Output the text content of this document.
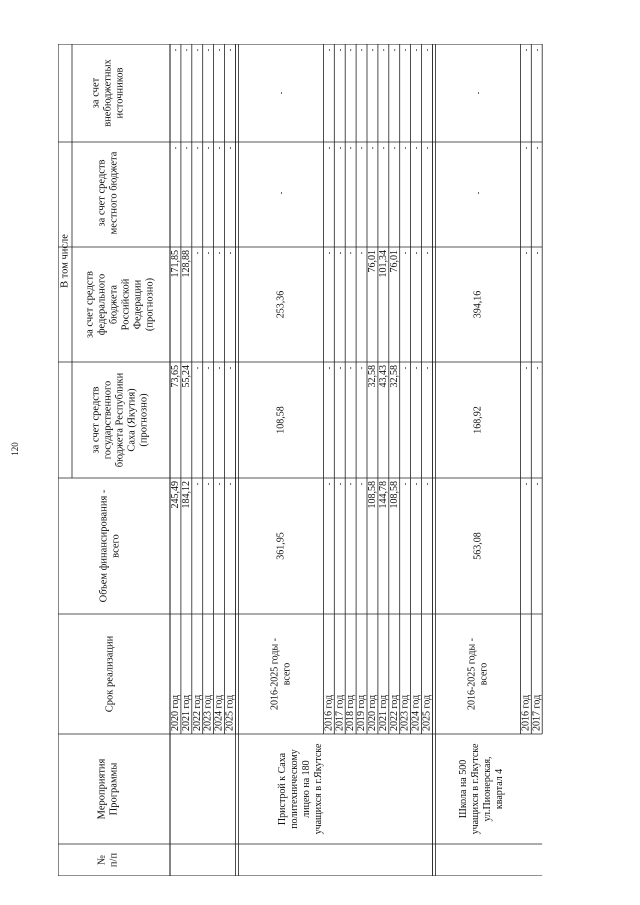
120
В том числе
за счет внебюджетных источников
за счет средств местного бюджета
за счет средств федерального бюджета Российской Федерации (прогнозно)
за счет средств государственного бюджета Республики Саха (Якутия) (прогнозно)
Объем финансирования - всего
Срок реализации
Мероприятия Программы
№ п/п
2020 год
-
-
171,85
73,65
245,49
2021 год
-
-
128,88
55,24
184,12
2022 год
-
-
-
-
-
2023 год
-
-
-
-
-
2024 год
-
-
-
-
-
2025 год
-
-
-
-
-
2016-2025 годы - всего
-
-
253,36
108,58
361,95
2016 год
-
-
-
-
-
2017 год
-
-
-
-
-
2018 год
-
-
-
-
-
2019 год
-
-
-
-
-
2020 год
-
-
76,01
32,58
108,58
2021 год
-
-
101,34
43,43
144,78
2022 год
-
-
76,01
32,58
108,58
2023 год
-
-
-
-
-
2024 год
-
-
-
-
-
2025 год
-
-
-
-
-
2016-2025 годы - всего
-
-
394,16
168,92
563,08
2016 год
-
-
-
-
-
2017 год
-
-
-
-
-
Пристрой к Саха политехническому лицею на 180 учащихся в г.Якутске	Школа на 500 учащихся в г.Якутске ул.Пионерская, квартал 4
